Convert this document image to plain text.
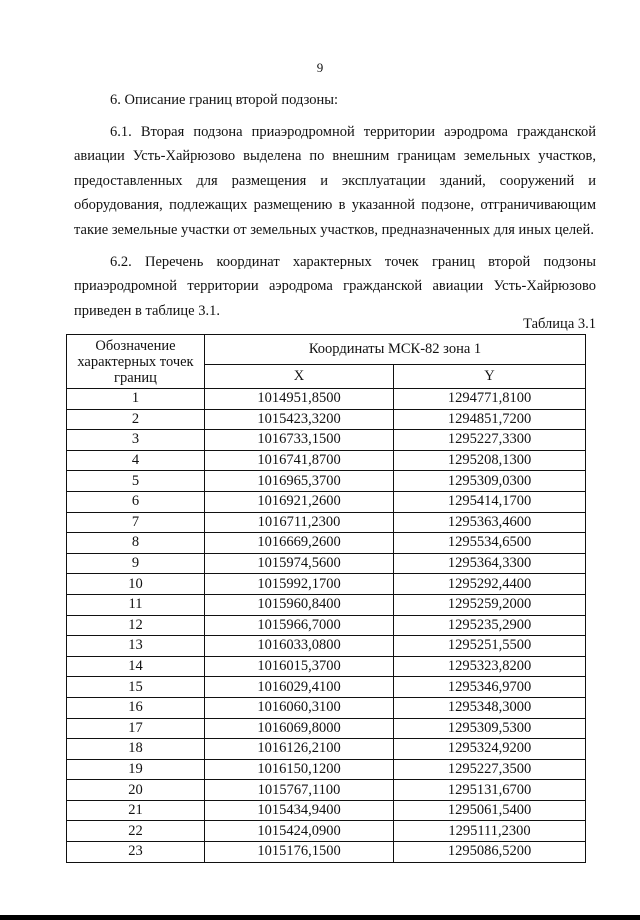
9

6. Описание границ второй подзоны:

6.1. Вторая подзона приаэродромной территории аэродрома гражданской авиации Усть-Хайрюзово выделена по внешним границам земельных участков, предоставленных для размещения и эксплуатации зданий, сооружений и оборудования, подлежащих размещению в указанной подзоне, отграничивающим такие земельные участки от земельных участков, предназначенных для иных целей.

6.2. Перечень координат характерных точек границ второй подзоны приаэродромной территории аэродрома гражданской авиации Усть-Хайрюзово приведен в таблице 3.1.

Таблица 3.1
Обозначение характерных точек границ	Координаты МСК-82 зона 1	
	X	Y
1	1014951,8500	1294771,8100
2	1015423,3200	1294851,7200
3	1016733,1500	1295227,3300
4	1016741,8700	1295208,1300
5	1016965,3700	1295309,0300
6	1016921,2600	1295414,1700
7	1016711,2300	1295363,4600
8	1016669,2600	1295534,6500
9	1015974,5600	1295364,3300
10	1015992,1700	1295292,4400
11	1015960,8400	1295259,2000
12	1015966,7000	1295235,2900
13	1016033,0800	1295251,5500
14	1016015,3700	1295323,8200
15	1016029,4100	1295346,9700
16	1016060,3100	1295348,3000
17	1016069,8000	1295309,5300
18	1016126,2100	1295324,9200
19	1016150,1200	1295227,3500
20	1015767,1100	1295131,6700
21	1015434,9400	1295061,5400
22	1015424,0900	1295111,2300
23	1015176,1500	1295086,5200
